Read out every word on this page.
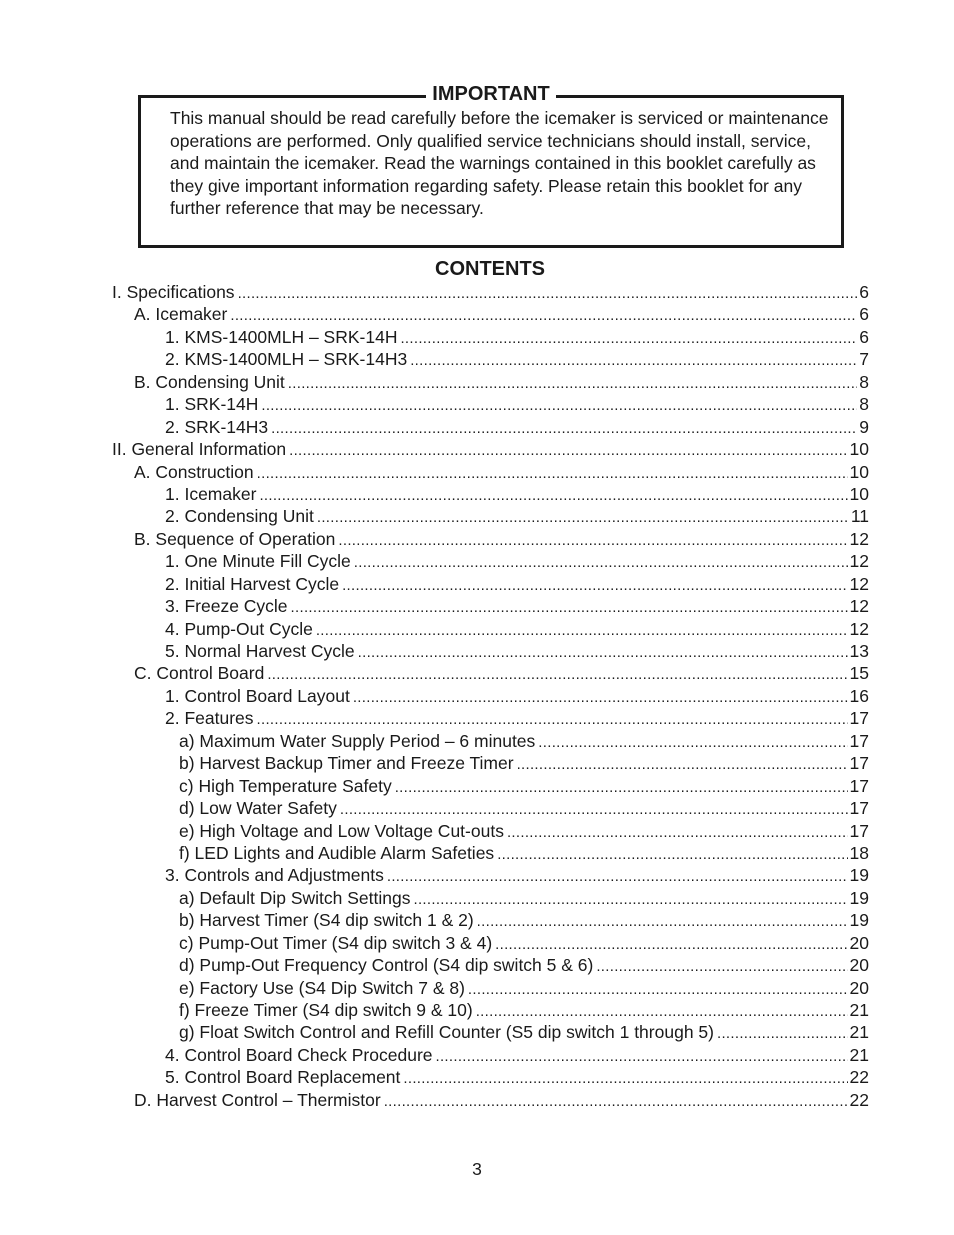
IMPORTANT
This manual should be read carefully before the icemaker is serviced or maintenance operations are performed. Only qualified service technicians should install, service, and maintain the icemaker. Read the warnings contained in this booklet carefully as they give important information regarding safety. Please retain this booklet for any further reference that may be necessary.
CONTENTS
I. Specifications .....	6
A. Icemaker .....	6
1. KMS-1400MLH – SRK-14H .....	6
2. KMS-1400MLH – SRK-14H3 .....	7
B. Condensing Unit .....	8
1. SRK-14H .....	8
2. SRK-14H3 .....	9
II. General Information .....	10
A. Construction .....	10
1. Icemaker .....	10
2. Condensing Unit .....	11
B. Sequence of Operation .....	12
1. One Minute Fill Cycle .....	12
2. Initial Harvest Cycle .....	12
3. Freeze Cycle .....	12
4. Pump-Out Cycle .....	12
5. Normal Harvest Cycle .....	13
C. Control Board .....	15
1. Control Board Layout .....	16
2. Features .....	17
a) Maximum Water Supply Period – 6 minutes .....	17
b) Harvest Backup Timer and Freeze Timer .....	17
c) High Temperature Safety .....	17
d) Low Water Safety .....	17
e) High Voltage and Low Voltage Cut-outs .....	17
f) LED Lights and Audible Alarm Safeties .....	18
3. Controls and Adjustments .....	19
a) Default Dip Switch Settings .....	19
b) Harvest Timer (S4 dip switch 1 & 2) .....	19
c) Pump-Out Timer (S4 dip switch 3 & 4) .....	20
d) Pump-Out Frequency Control (S4 dip switch 5 & 6) .....	20
e) Factory Use (S4 Dip Switch 7 & 8) .....	20
f) Freeze Timer (S4 dip switch 9 & 10) .....	21
g) Float Switch Control and Refill Counter (S5 dip switch 1 through 5) .....	21
4. Control Board Check Procedure .....	21
5. Control Board Replacement .....	22
D. Harvest Control – Thermistor .....	22
3
